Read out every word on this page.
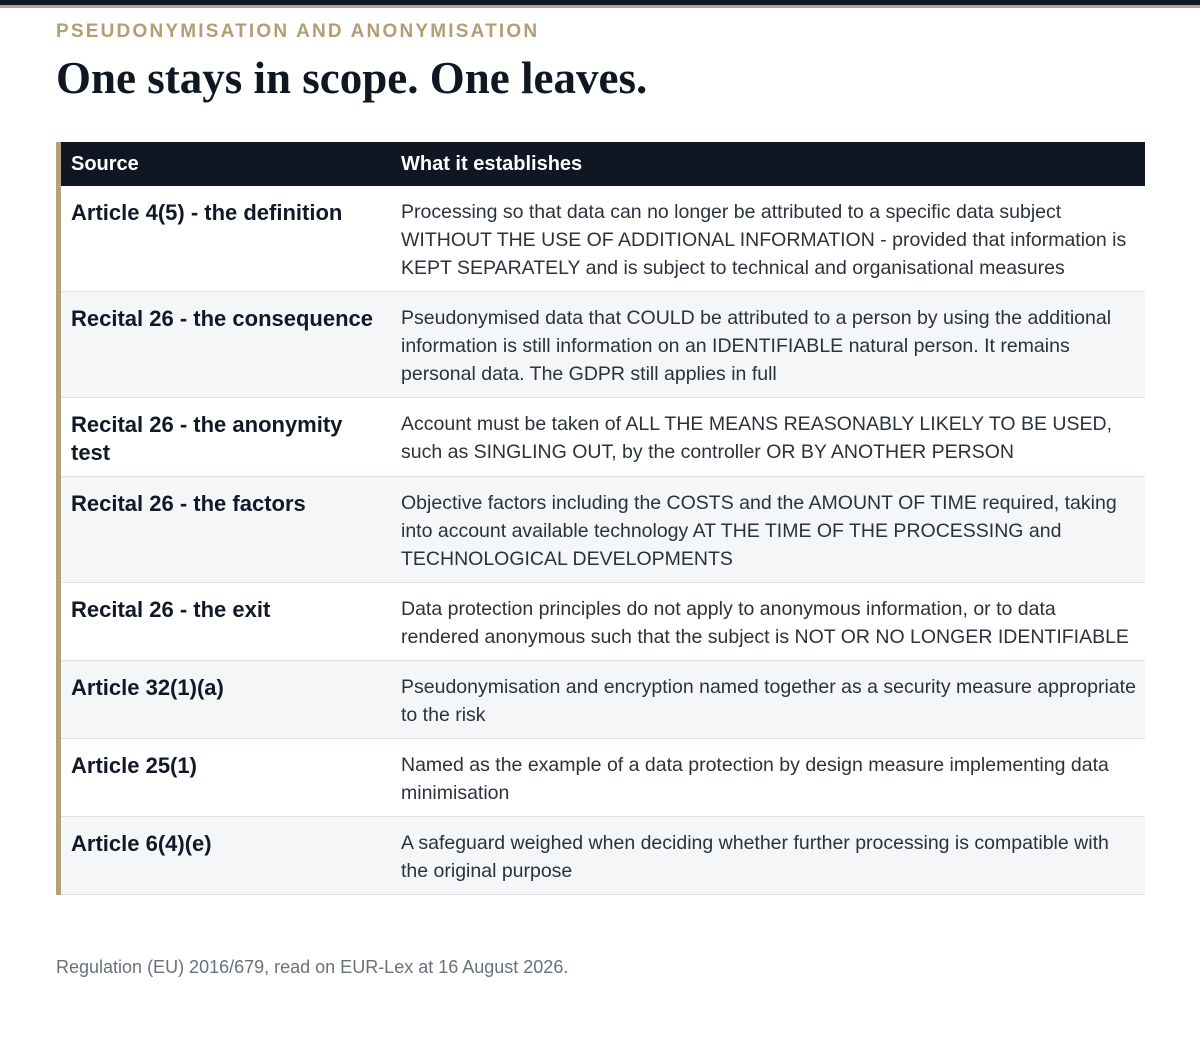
PSEUDONYMISATION AND ANONYMISATION
One stays in scope. One leaves.
Source	What it establishes
Article 4(5) - the definition	Processing so that data can no longer be attributed to a specific data subject WITHOUT THE USE OF ADDITIONAL INFORMATION - provided that information is KEPT SEPARATELY and is subject to technical and organisational measures
Recital 26 - the consequence	Pseudonymised data that COULD be attributed to a person by using the additional information is still information on an IDENTIFIABLE natural person. It remains personal data. The GDPR still applies in full
Recital 26 - the anonymity test	Account must be taken of ALL THE MEANS REASONABLY LIKELY TO BE USED, such as SINGLING OUT, by the controller OR BY ANOTHER PERSON
Recital 26 - the factors	Objective factors including the COSTS and the AMOUNT OF TIME required, taking into account available technology AT THE TIME OF THE PROCESSING and TECHNOLOGICAL DEVELOPMENTS
Recital 26 - the exit	Data protection principles do not apply to anonymous information, or to data rendered anonymous such that the subject is NOT OR NO LONGER IDENTIFIABLE
Article 32(1)(a)	Pseudonymisation and encryption named together as a security measure appropriate to the risk
Article 25(1)	Named as the example of a data protection by design measure implementing data minimisation
Article 6(4)(e)	A safeguard weighed when deciding whether further processing is compatible with the original purpose
Regulation (EU) 2016/679, read on EUR-Lex at 16 August 2026.
